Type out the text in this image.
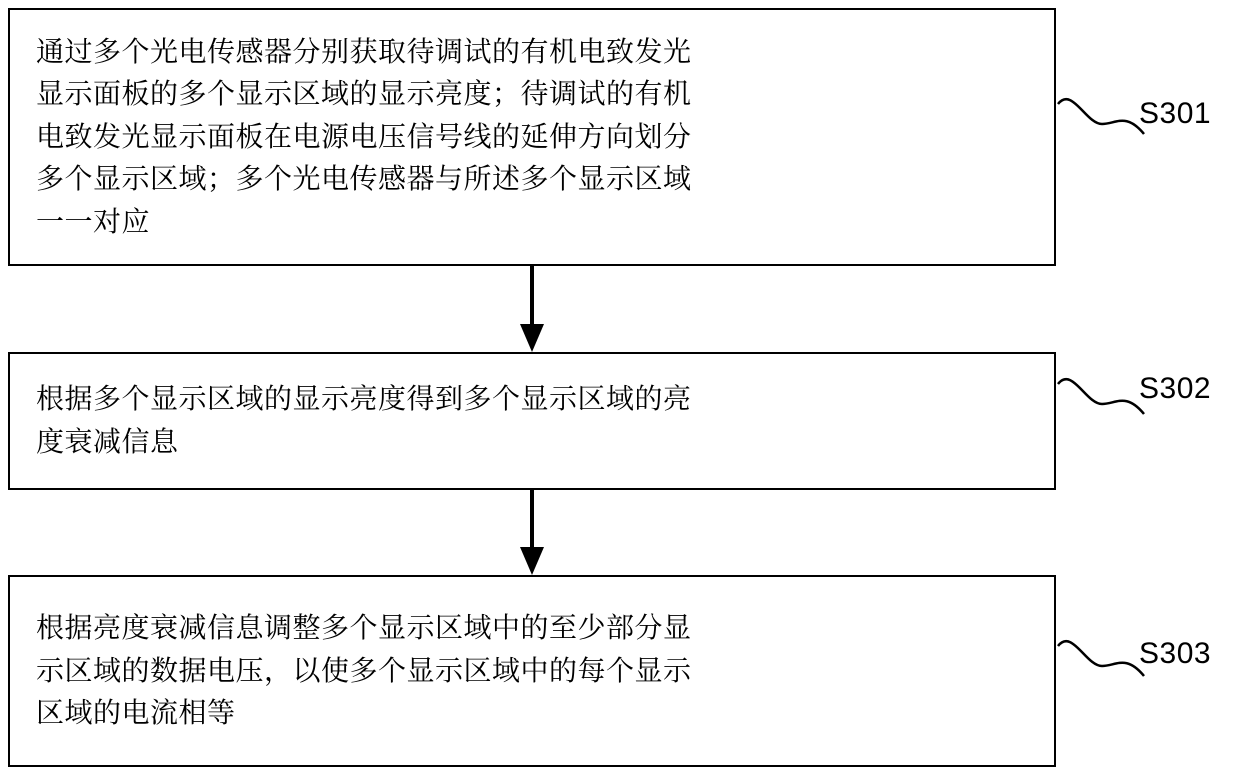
通过多个光电传感器分别获取待调试的有机电致发光
显示面板的多个显示区域的显示亮度；待调试的有机
电致发光显示面板在电源电压信号线的延伸方向划分
多个显示区域；多个光电传感器与所述多个显示区域
一一对应
根据多个显示区域的显示亮度得到多个显示区域的亮
度衰减信息
根据亮度衰减信息调整多个显示区域中的至少部分显
示区域的数据电压，以使多个显示区域中的每个显示
区域的电流相等
S301
S302
S303
